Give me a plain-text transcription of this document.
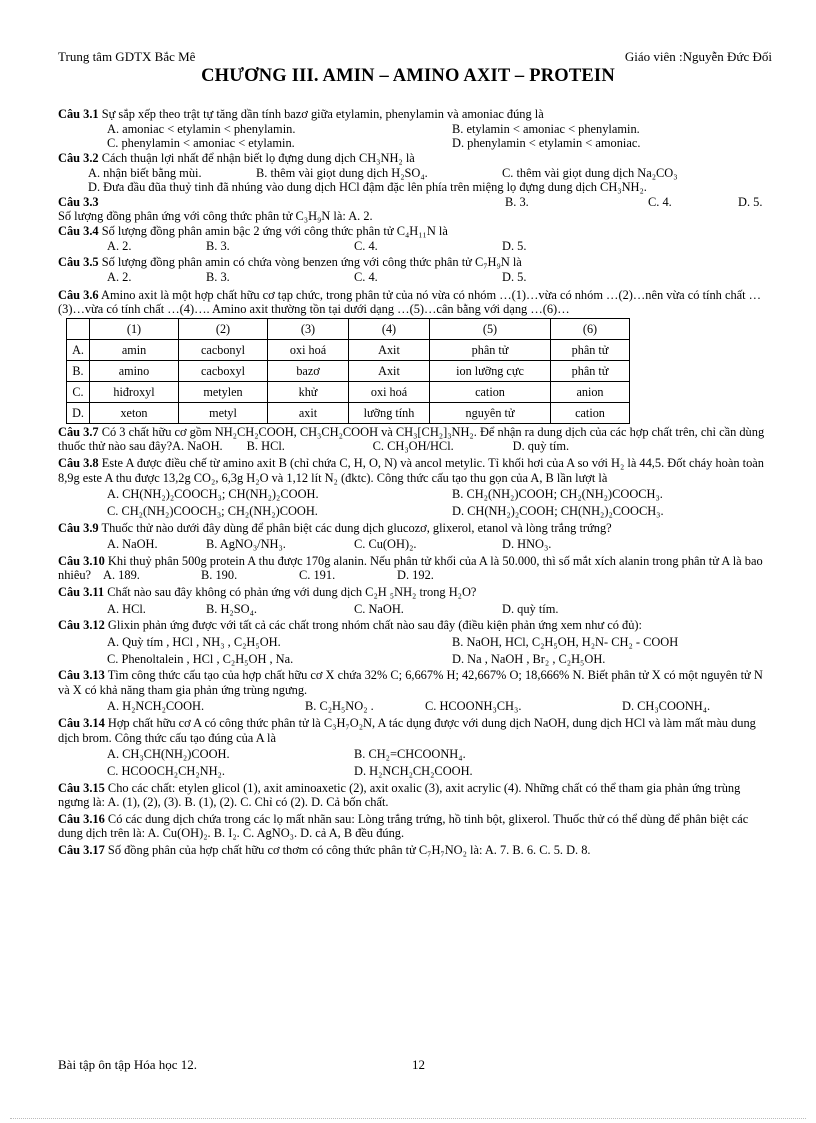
Trung tâm GDTX Bắc Mê	Giáo viên :Nguyễn Đức Đối
CHƯƠNG III. AMIN – AMINO AXIT – PROTEIN
Câu 3.1 Sự sắp xếp theo trật tự tăng dần tính bazơ giữa etylamin, phenylamin và amoniac đúng là
A. amoniac < etylamin < phenylamin.	B. etylamin < amoniac < phenylamin.
C. phenylamin < amoniac < etylamin.	D. phenylamin < etylamin < amoniac.
Câu 3.2 Cách thuận lợi nhất để nhận biết lọ đựng dung dịch CH₃NH₂ là
A. nhận biết bằng mùi.	B. thêm vài giọt dung dịch H₂SO₄.	C. thêm vài giọt dung dịch Na₂CO₃
D. Đưa đầu đũa thuỷ tinh đã nhúng vào dung dịch HCl đậm đặc lên phía trên miệng lọ đựng dung dịch CH₃NH₂.
Câu 3.3
Số lượng đồng phân ứng với công thức phân tử C₃H₉N là: A. 2.
B. 3.	C. 4.	D. 5.
Câu 3.4 Số lượng đồng phân amin bậc 2 ứng với công thức phân tử C₄H₁₁N là
A. 2.	B. 3.	C. 4.	D. 5.
Câu 3.5 Số lượng đồng phân amin có chứa vòng benzen ứng với công thức phân tử C₇H₉N là
A. 2.	B. 3.	C. 4.	D. 5.
Câu 3.6 Amino axit là một hợp chất hữu cơ tạp chức, trong phân tử của nó vừa có nhóm …(1)…vừa có nhóm …(2)…nên vừa có tính chất …(3)…vừa có tính chất …(4)…. Amino axit thường tồn tại dưới dạng …(5)…cân bằng với dạng …(6)…
	(1)	(2)	(3)	(4)	(5)	(6)
A.	amin	cacbonyl	oxi hoá	Axit	phân tử	phân tử
B.	amino	cacboxyl	bazơ	Axit	ion lưỡng cực	phân tử
C.	hiđroxyl	metylen	khử	oxi hoá	cation	anion
D.	xeton	metyl	axit	lưỡng tính	nguyên tử	cation
Câu 3.7 Có 3 chất hữu cơ gồm NH₂CH₂COOH, CH₃CH₂COOH và CH₃[CH₂]₃NH₂. Để nhận ra dung dịch của các hợp chất trên, chỉ cần dùng thuốc thử nào sau đây?A. NaOH. B. HCl.	C. CH₃OH/HCl.	D. quỳ tím.
Câu 3.8 Este A được điều chế từ amino axit B (chỉ chứa C, H, O, N) và ancol metylic. Tỉ khối hơi của A so với H₂ là 44,5. Đốt cháy hoàn toàn 8,9g este A thu được 13,2g CO₂, 6,3g H₂O và 1,12 lít N₂ (đktc). Công thức cấu tạo thu gọn của A, B lần lượt là
A. CH(NH₂)₂COOCH₃; CH(NH₂)₂COOH.	B. CH₂(NH₂)COOH; CH₂(NH₂)COOCH₃.
C. CH₂(NH₂)COOCH₃; CH₂(NH₂)COOH.	D. CH(NH₂)₂COOH; CH(NH₂)₂COOCH₃.
Câu 3.9 Thuốc thử nào dưới đây dùng để phân biệt các dung dịch glucozơ, glixerol, etanol và lòng trắng trứng?
A. NaOH.	B. AgNO₃/NH₃.	C. Cu(OH)₂.	D. HNO₃.
Câu 3.10 Khi thuỷ phân 500g protein A thu được 170g alanin. Nếu phân tử khối của A là 50.000, thì số mắt xích alanin trong phân tử A là bao nhiêu? A. 189.	B. 190.	C. 191.	D. 192.
Câu 3.11 Chất nào sau đây không có phản ứng với dung dịch C₂H ₅NH₂ trong H₂O?
A. HCl.	B. H₂SO₄.	C. NaOH.	D. quỳ tím.
Câu 3.12 Glixin phản ứng được với tất cả các chất trong nhóm chất nào sau đây (điều kiện phản ứng xem như có đủ):
A. Quỳ tím , HCl , NH₃ , C₂H₅OH.	B. NaOH, HCl, C₂H₅OH, H₂N- CH₂ - COOH
C. Phenoltalein , HCl , C₂H₅OH , Na.	D. Na , NaOH , Br₂ , C₂H₅OH.
Câu 3.13 Tìm công thức cấu tạo của hợp chất hữu cơ X chứa 32% C; 6,667% H; 42,667% O; 18,666% N. Biết phân tử X có một nguyên tử N và X có khả năng tham gia phản ứng trùng ngưng.
A. H₂NCH₂COOH.	B. C₂H₅NO₂ .	C. HCOONH₃CH₃.	D. CH₃COONH₄.
Câu 3.14 Hợp chất hữu cơ A có công thức phân tử là C₃H₇O₂N, A tác dụng được với dung dịch NaOH, dung dịch HCl và làm mất màu dung dịch brom. Công thức cấu tạo đúng của A là
A. CH₃CH(NH₂)COOH.	B. CH₂=CHCOONH₄.
C. HCOOCH₂CH₂NH₂.	D. H₂NCH₂CH₂COOH.
Câu 3.15 Cho các chất: etylen glicol (1), axit aminoaxetic (2), axit oxalic (3), axit acrylic (4). Những chất có thể tham gia phản ứng trùng ngưng là: A. (1), (2), (3). B. (1), (2). C. Chỉ có (2). D. Cả bốn chất.
Câu 3.16 Có các dung dịch chứa trong các lọ mất nhãn sau: Lòng trắng trứng, hồ tinh bột, glixerol. Thuốc thử có thể dùng để phân biệt các dung dịch trên là: A. Cu(OH)₂. B. I₂. C. AgNO₃. D. cả A, B đều đúng.
Câu 3.17 Số đồng phân của hợp chất hữu cơ thơm có công thức phân tử C₇H₇NO₂ là: A. 7. B. 6. C. 5. D. 8.
Bài tập ôn tập Hóa học 12.	12
